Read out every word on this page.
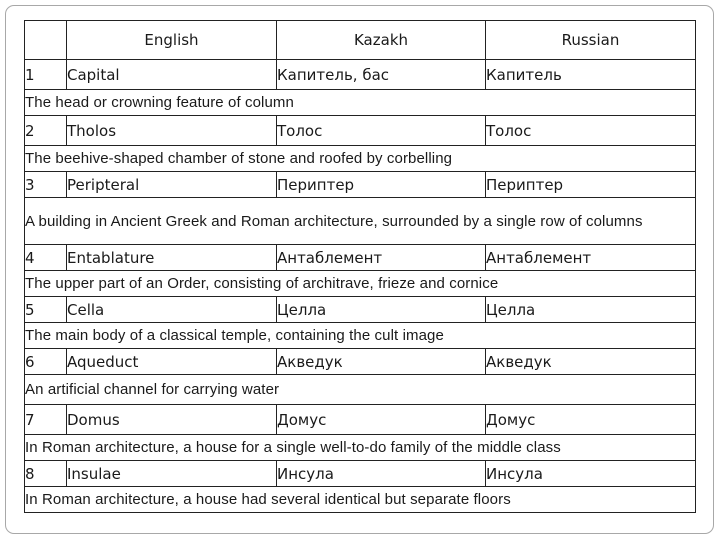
	English	Kazakh	Russian
1	Capital	Капитель, бас	Капитель
The head or crowning feature of column			
2	Tholos	Толос	Толос
The beehive-shaped chamber of stone and roofed by corbelling			
3	Peripteral	Периптер	Периптер
A building in Ancient Greek and Roman architecture, surrounded by a single row of columns			
4	Entablature	Антаблемент	Антаблемент
The upper part of an Order, consisting of architrave, frieze and cornice			
5	Cella	Целла	Целла
The main body of a classical temple, containing the cult image			
6	Aqueduct	Акведук	Акведук
An artificial channel for carrying water			
7	Domus	Домус	Домус
In Roman architecture, a house for a single well-to-do family of the middle class			
8	Insulae	Инсула	Инсула
In Roman architecture, a house had several identical but separate floors			
